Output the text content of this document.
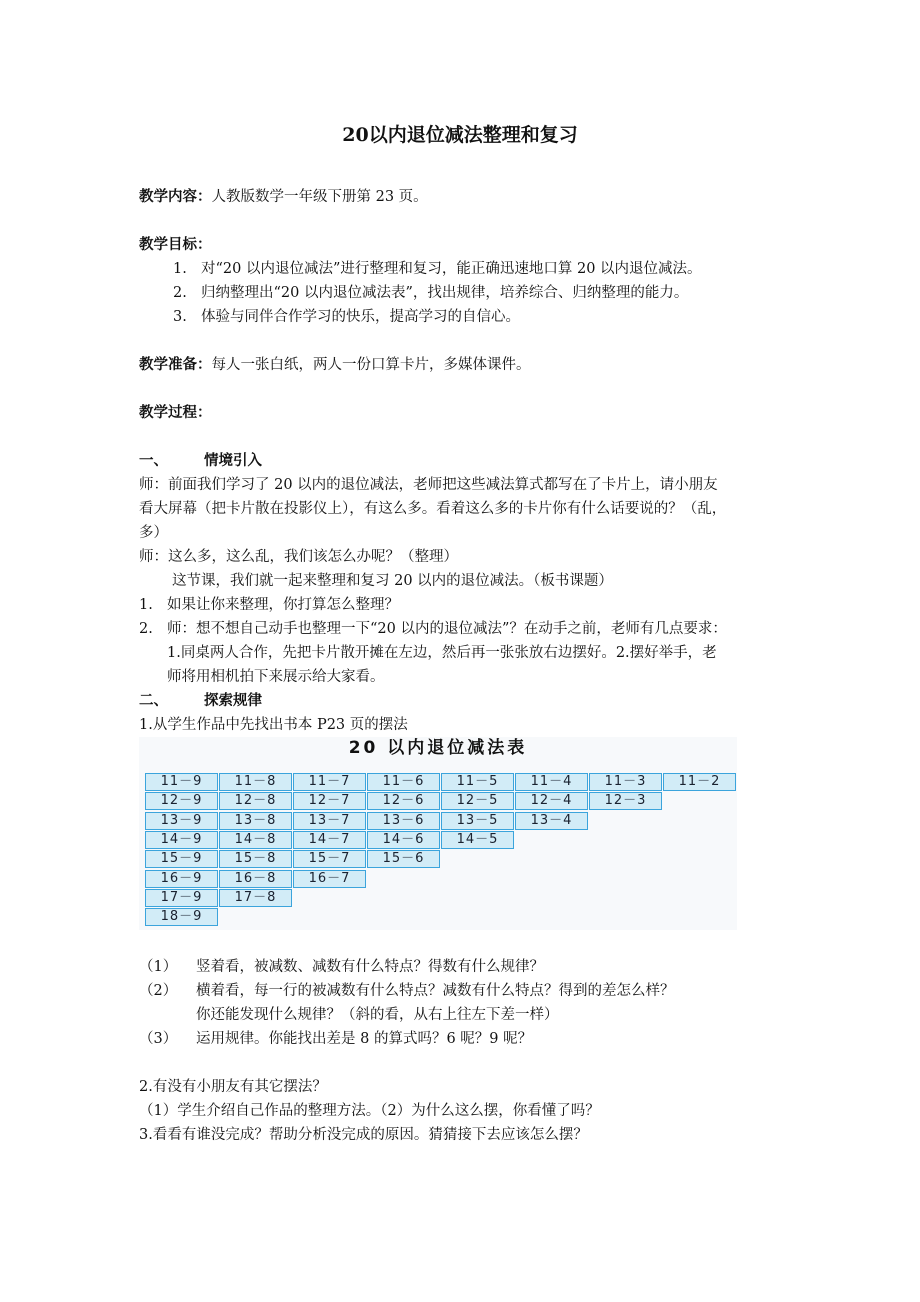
20以内退位减法整理和复习
教学内容：人教版数学一年级下册第 23 页。
教学目标：
1. 对“20 以内退位减法”进行整理和复习，能正确迅速地口算 20 以内退位减法。
2. 归纳整理出“20 以内退位减法表”，找出规律，培养综合、归纳整理的能力。
3. 体验与同伴合作学习的快乐，提高学习的自信心。
教学准备：每人一张白纸，两人一份口算卡片，多媒体课件。
教学过程：
一、 情境引入
师：前面我们学习了 20 以内的退位减法，老师把这些减法算式都写在了卡片上，请小朋友
看大屏幕（把卡片散在投影仪上），有这么多。看着这么多的卡片你有什么话要说的？（乱，
多）
师：这么多，这么乱，我们该怎么办呢？（整理）
这节课，我们就一起来整理和复习 20 以内的退位减法。（板书课题）
1. 如果让你来整理，你打算怎么整理？
2. 师：想不想自己动手也整理一下“20 以内的退位减法”？在动手之前，老师有几点要求：
1.同桌两人合作，先把卡片散开摊在左边，然后再一张张放右边摆好。2.摆好举手，老
师将用相机拍下来展示给大家看。
二、 探索规律
1.从学生作品中先找出书本 P23 页的摆法
20 以内退位减法表
11－9	11－8	11－7	11－6	11－5	11－4	11－3	11－2
12－9	12－8	12－7	12－6	12－5	12－4	12－3
13－9	13－8	13－7	13－6	13－5	13－4
14－9	14－8	14－7	14－6	14－5
15－9	15－8	15－7	15－6
16－9	16－8	16－7
17－9	17－8
18－9
（1） 竖着看，被减数、减数有什么特点？得数有什么规律？
（2） 横着看，每一行的被减数有什么特点？减数有什么特点？得到的差怎么样？
你还能发现什么规律？（斜的看，从右上往左下差一样）
（3） 运用规律。你能找出差是 8 的算式吗？6 呢？9 呢？
2.有没有小朋友有其它摆法？
（1）学生介绍自己作品的整理方法。（2）为什么这么摆，你看懂了吗？
3.看看有谁没完成？帮助分析没完成的原因。猜猜接下去应该怎么摆？
